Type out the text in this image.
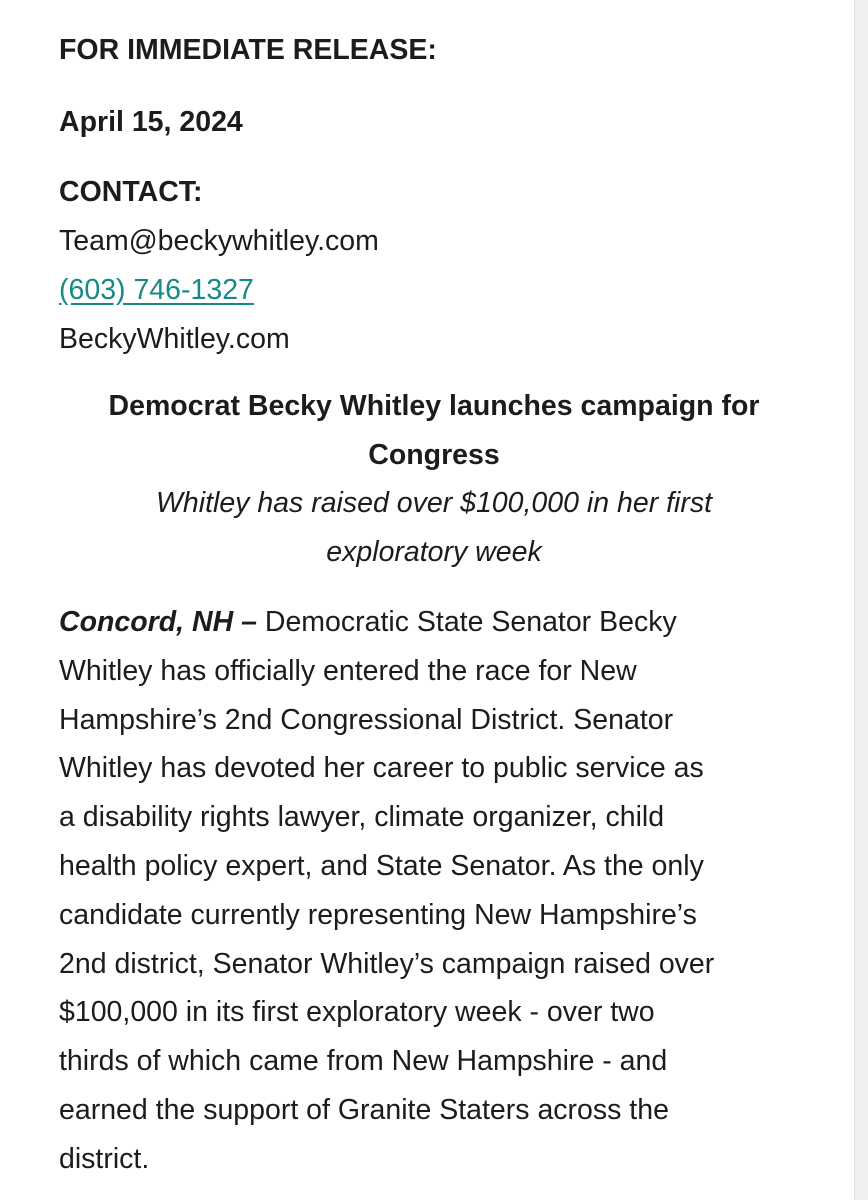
FOR IMMEDIATE RELEASE:

April 15, 2024

CONTACT:

Team@beckywhitley.com

(603) 746-1327

BeckyWhitley.com

Democrat Becky Whitley launches campaign for

Congress

Whitley has raised over $100,000 in her first

exploratory week

Concord, NH – Democratic State Senator Becky
Whitley has officially entered the race for New
Hampshire’s 2nd Congressional District. Senator
Whitley has devoted her career to public service as
a disability rights lawyer, climate organizer, child
health policy expert, and State Senator. As the only
candidate currently representing New Hampshire’s
2nd district, Senator Whitley’s campaign raised over
$100,000 in its first exploratory week - over two
thirds of which came from New Hampshire - and
earned the support of Granite Staters across the
district.
